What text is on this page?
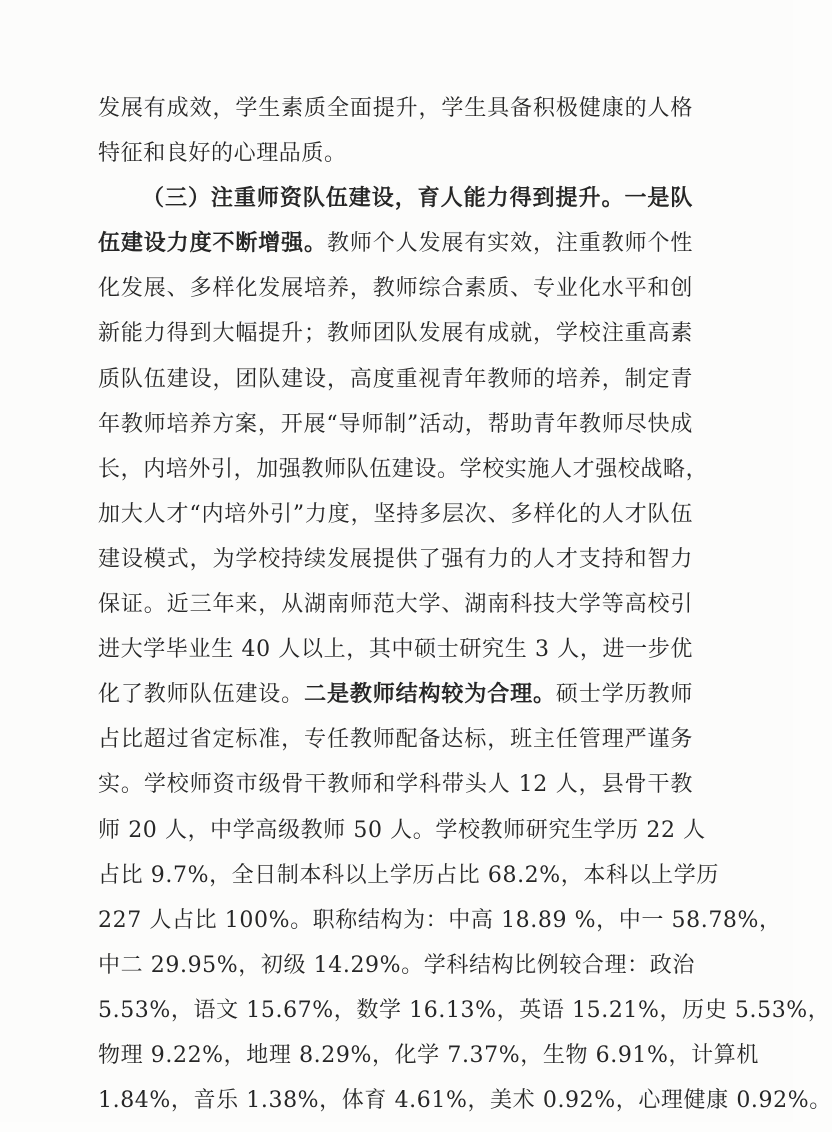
发展有成效，学生素质全面提升，学生具备积极健康的人格
特征和良好的心理品质。
（三）注重师资队伍建设，育人能力得到提升。一是队
伍建设力度不断增强。教师个人发展有实效，注重教师个性
化发展、多样化发展培养，教师综合素质、专业化水平和创
新能力得到大幅提升；教师团队发展有成就，学校注重高素
质队伍建设，团队建设，高度重视青年教师的培养，制定青
年教师培养方案，开展“导师制”活动，帮助青年教师尽快成
长，内培外引，加强教师队伍建设。学校实施人才强校战略，
加大人才“内培外引”力度，坚持多层次、多样化的人才队伍
建设模式，为学校持续发展提供了强有力的人才支持和智力
保证。近三年来，从湖南师范大学、湖南科技大学等高校引
进大学毕业生 40 人以上，其中硕士研究生 3 人，进一步优
化了教师队伍建设。二是教师结构较为合理。硕士学历教师
占比超过省定标准，专任教师配备达标，班主任管理严谨务
实。学校师资市级骨干教师和学科带头人 12 人，县骨干教
师 20 人，中学高级教师 50 人。学校教师研究生学历 22 人
占比 9.7%，全日制本科以上学历占比 68.2%，本科以上学历
227 人占比 100%。职称结构为：中高 18.89 %，中一 58.78%，
中二 29.95%，初级 14.29%。学科结构比例较合理：政治
5.53%，语文 15.67%，数学 16.13%，英语 15.21%，历史 5.53%，
物理 9.22%，地理 8.29%，化学 7.37%，生物 6.91%，计算机
1.84%，音乐 1.38%，体育 4.61%，美术 0.92%，心理健康 0.92%。
